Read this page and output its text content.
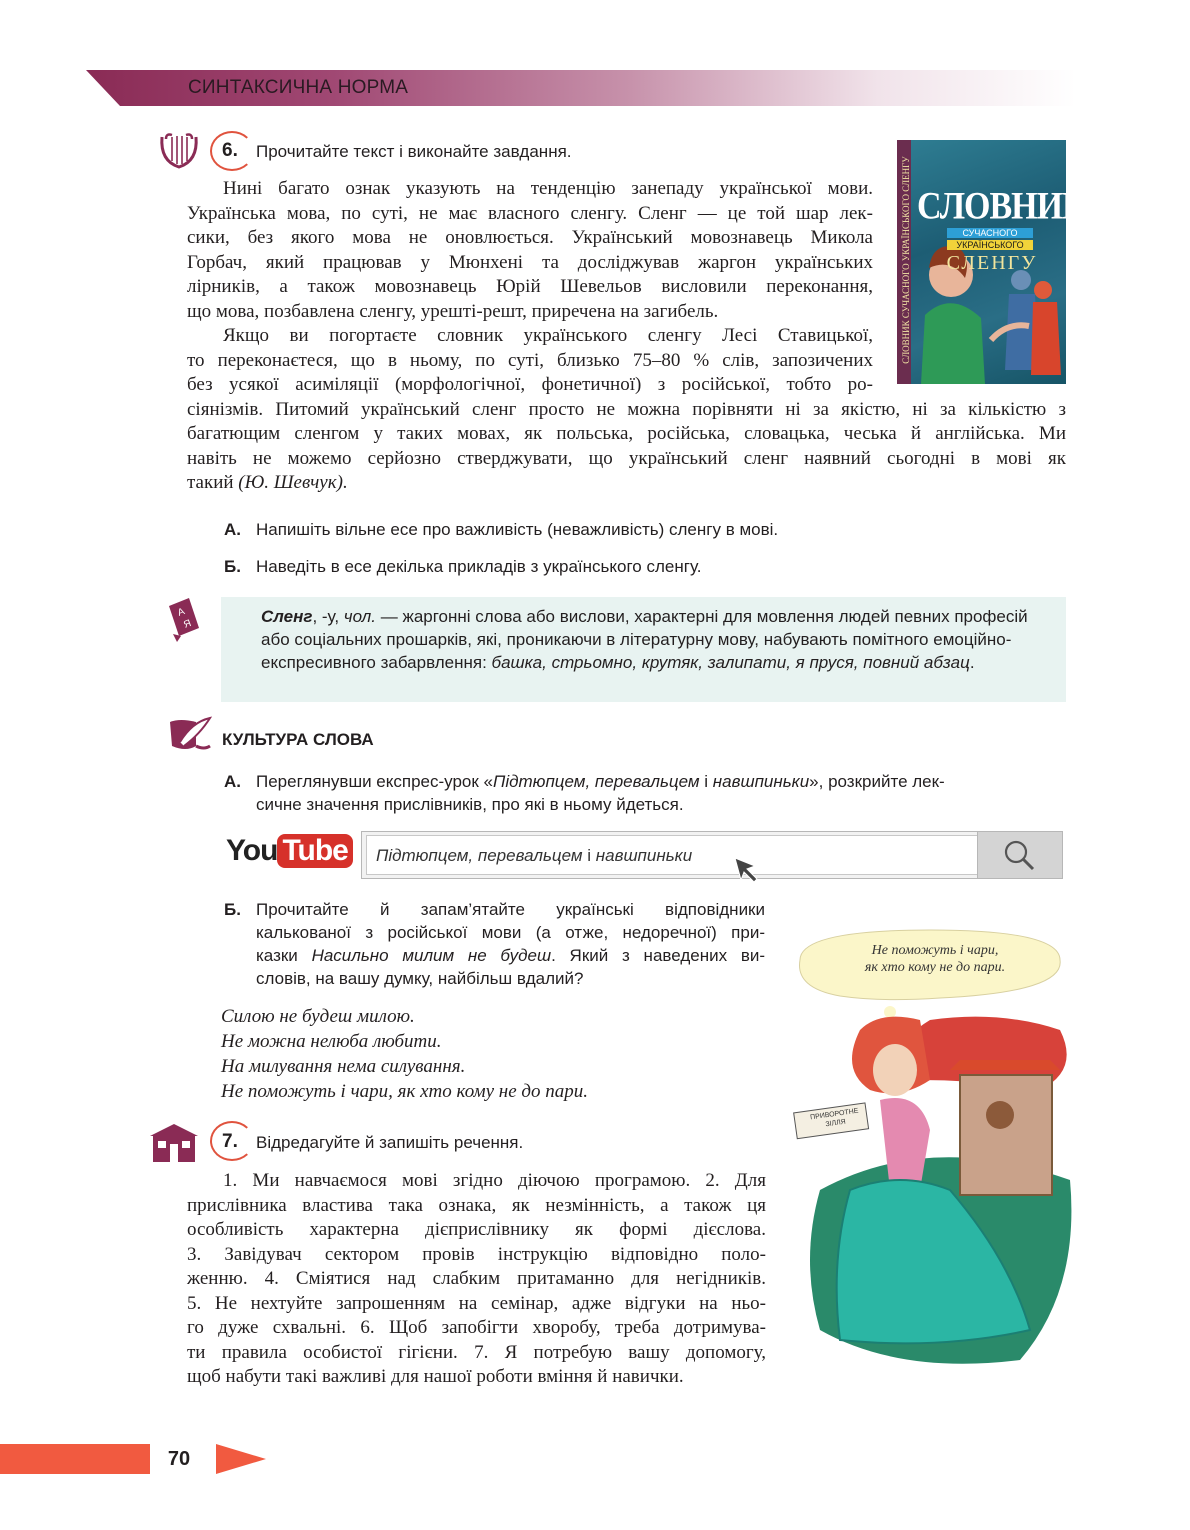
СИНТАКСИЧНА НОРМА
6. Прочитайте текст і виконайте завдання.
Нині багато ознак указують на тенденцію занепаду української мови.
Українська мова, по суті, не має власного сленгу. Сленг — це той шар лек-
сики, без якого мова не оновлюється. Український мовознавець Микола
Горбач, який працював у Мюнхені та досліджував жаргон українських
лірників, а також мовознавець Юрій Шевельов висловили переконання,
що мова, позбавлена сленгу, урешті-решт, приречена на загибель.
Якщо ви погортаєте словник українського сленгу Лесі Ставицької,
то переконаєтеся, що в ньому, по суті, близько 75–80 % слів, запозичених
без усякої асиміляції (морфологічної, фонетичної) з російської, тобто ро-
сіянізмів. Питомий український сленг просто не можна порівняти ні за якістю, ні за кількістю з
багатющим сленгом у таких мовах, як польська, російська, словацька, чеська й англійська. Ми
навіть не можемо серйозно стверджувати, що український сленг наявний сьогодні в мові як
такий (Ю. Шевчук).
СЛОВНИК СУЧАСНОГО УКРАЇНСЬКОГО СЛЕНГУ СЛОВНИК
СУЧАСНОГО
УКРАЇНСЬКОГО
СЛЕНГУ
А. Напишіть вільне есе про важливість (неважливість) сленгу в мові.
Б. Наведіть в есе декілька прикладів з українського сленгу.
А
Я	Сленг, -у, чол. — жаргонні слова або вислови, характерні для мовлення людей певних професій або соціальних прошарків, які, проникаючи в літературну мову, набувають помітного емоційно-експресивного забарвлення: башка, стрьомно, крутяк, залипати, я пруся, повний абзац.
КУЛЬТУРА СЛОВА
А. Переглянувши експрес-урок «Підтюпцем, перевальцем і навшпиньки», розкрийте лек-
сичне значення прислівників, про які в ньому йдеться.
You Tube	Підтюпцем, перевальцем і навшпиньки
Б. Прочитайте й запам’ятайте українські відповідники
калькованої з російської мови (а отже, недоречної) при-
казки Насильно милим не будеш. Який з наведених ви-
словів, на вашу думку, найбільш вдалий?
Силою не будеш милою.
Не можна нелюба любити.
На милування нема силування.
Не поможуть і чари, як хто кому не до пари.
Не поможуть і чари,
як хто кому не до пари.
ПРИВОРОТНЕ
ЗІЛЛЯ
7. Відредагуйте й запишіть речення.
1. Ми навчаємося мові згідно діючою програмою. 2. Для
прислівника властива така ознака, як незмінність, а також ця
особливість характерна дієприслівнику як формі дієслова.
3. Завідувач сектором провів інструкцію відповідно поло-
женню. 4. Сміятися над слабким притаманно для негідників.
5. Не нехтуйте запрошенням на семінар, адже відгуки на ньо-
го дуже схвальні. 6. Щоб запобігти хворобу, треба дотримува-
ти правила особистої гігієни. 7. Я потребую вашу допомогу,
щоб набути такі важливі для нашої роботи вміння й навички.
70
